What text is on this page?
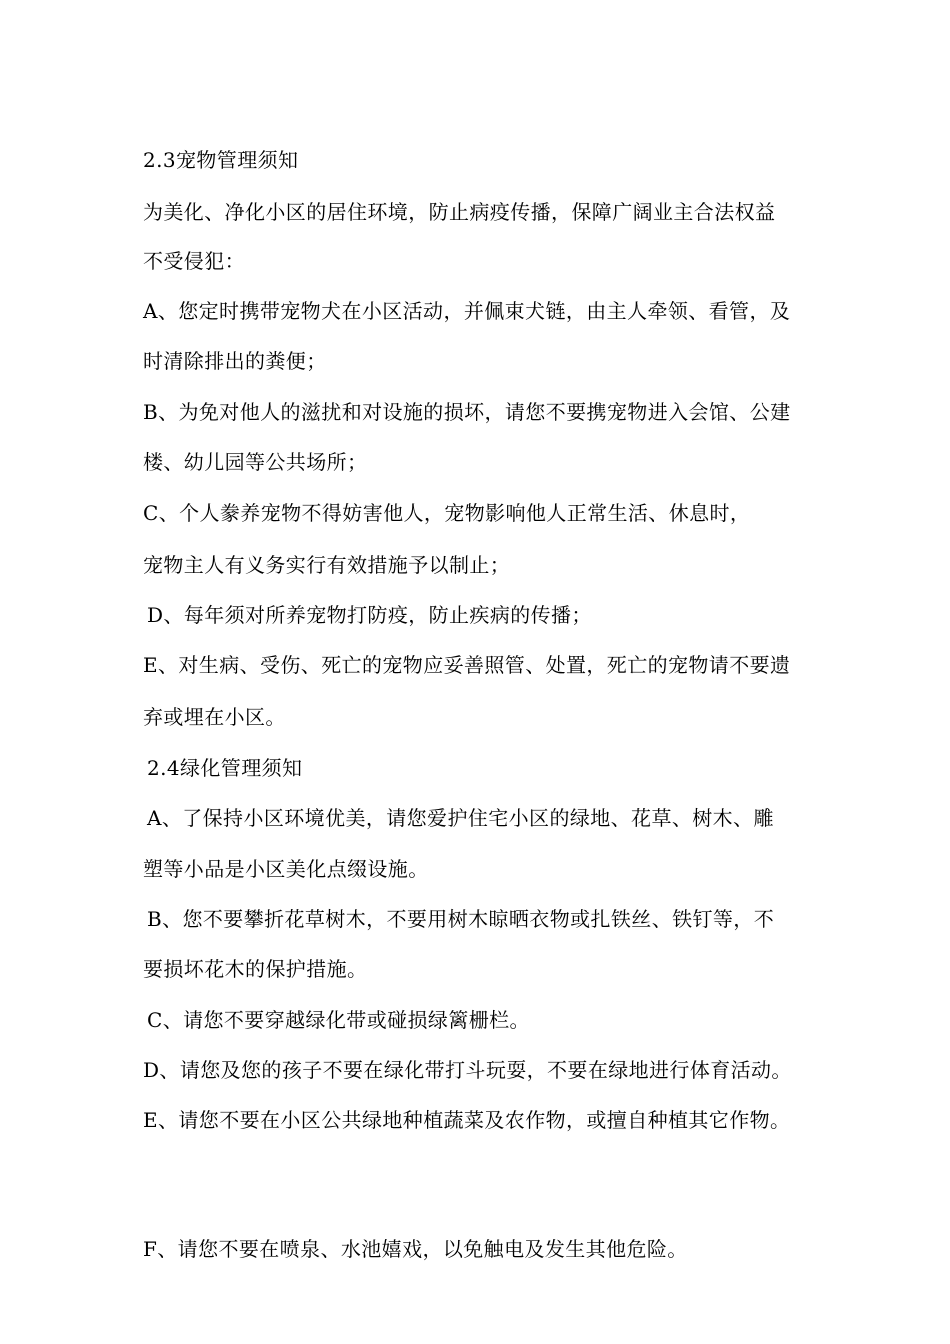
2.3宠物管理须知
为美化、净化小区的居住环境，防止病疫传播，保障广阔业主合法权益
不受侵犯：
A、您定时携带宠物犬在小区活动，并佩束犬链，由主人牵领、看管，及
时清除排出的粪便；
B、为免对他人的滋扰和对设施的损坏，请您不要携宠物进入会馆、公建
楼、幼儿园等公共场所；
C、个人豢养宠物不得妨害他人，宠物影响他人正常生活、休息时，
宠物主人有义务实行有效措施予以制止；
D、每年须对所养宠物打防疫，防止疾病的传播；
E、对生病、受伤、死亡的宠物应妥善照管、处置，死亡的宠物请不要遗
弃或埋在小区。
2.4绿化管理须知
A、了保持小区环境优美，请您爱护住宅小区的绿地、花草、树木、雕
塑等小品是小区美化点缀设施。
B、您不要攀折花草树木，不要用树木晾晒衣物或扎铁丝、铁钉等，不
要损坏花木的保护措施。
C、请您不要穿越绿化带或碰损绿篱栅栏。
D、请您及您的孩子不要在绿化带打斗玩耍，不要在绿地进行体育活动。
E、请您不要在小区公共绿地种植蔬菜及农作物，或擅自种植其它作物。
F、请您不要在喷泉、水池嬉戏，以免触电及发生其他危险。
